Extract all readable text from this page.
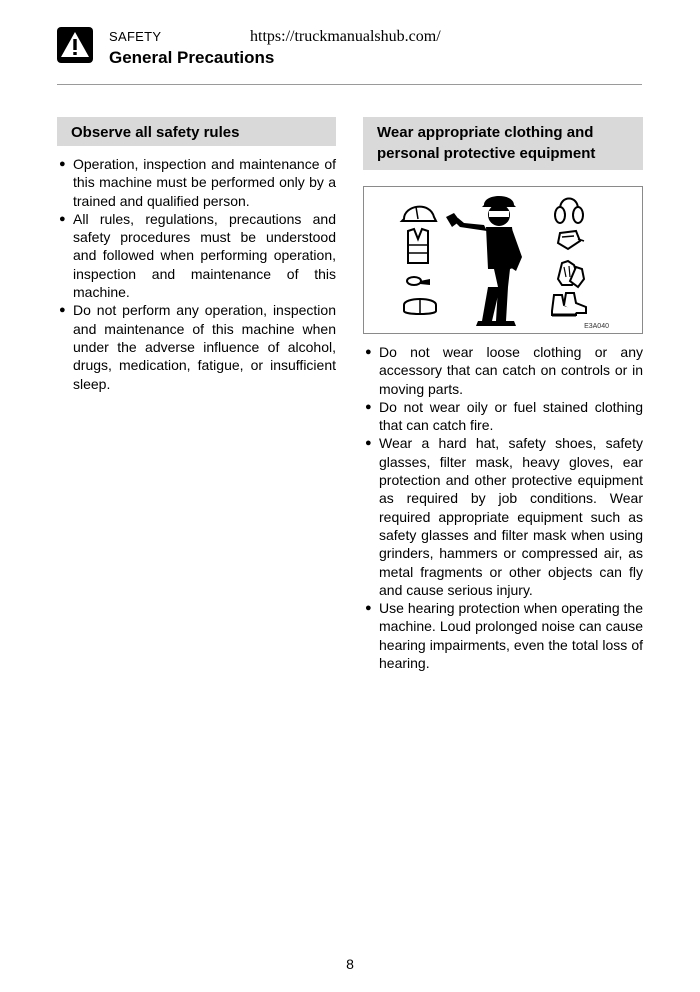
SAFETY	https://truckmanualshub.com/
General Precautions
Observe all safety rules
● Operation, inspection and maintenance of this machine must be performed only by a trained and qualified person.
● All rules, regulations, precautions and safety procedures must be understood and followed when performing operation, inspection and maintenance of this machine.
● Do not perform any operation, inspection and maintenance of this machine when under the adverse influence of alcohol, drugs, medication, fatigue, or insufficient sleep.
Wear appropriate clothing and personal protective equipment
E3A040
● Do not wear loose clothing or any accessory that can catch on controls or in moving parts.
● Do not wear oily or fuel stained clothing that can catch fire.
● Wear a hard hat, safety shoes, safety glasses, filter mask, heavy gloves, ear protection and other protective equipment as required by job conditions. Wear required appropriate equipment such as safety glasses and filter mask when using grinders, hammers or compressed air, as metal fragments or other objects can fly and cause serious injury.
● Use hearing protection when operating the machine. Loud prolonged noise can cause hearing impairments, even the total loss of hearing.
8
